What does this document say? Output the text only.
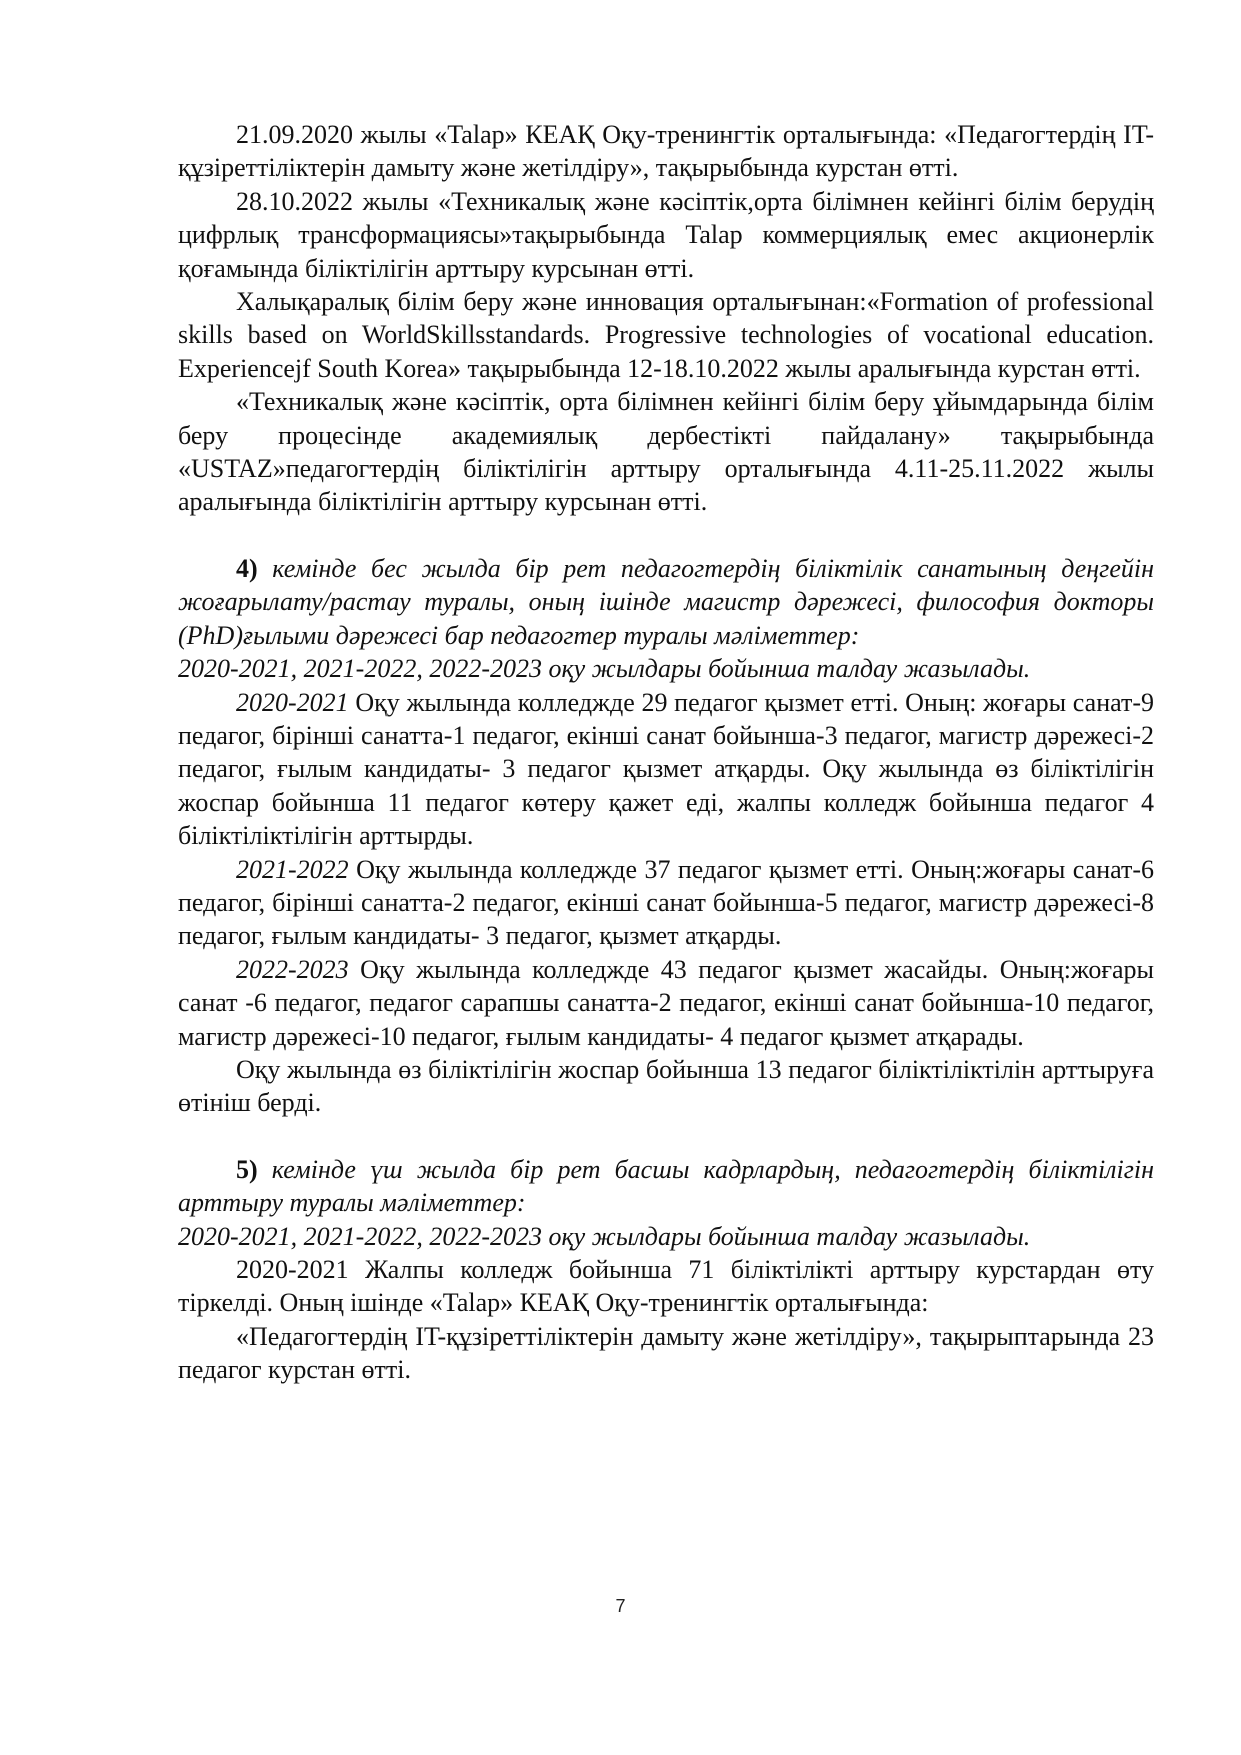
21.09.2020 жылы «Talap» КЕАҚ Оқу-тренингтік орталығында: «Педагогтердің IT-құзіреттіліктерін дамыту және жетілдіру», тақырыбында курстан өтті.

28.10.2022 жылы «Техникалық және кәсіптік,орта білімнен кейінгі білім берудің цифрлық трансформациясы»тақырыбында Talap коммерциялық емес акционерлік қоғамында біліктілігін арттыру курсынан өтті.

Халықаралық білім беру және инновация орталығынан:«Formation of professional skills based on WorldSkillsstandards. Progressive technologies of vocational education. Experiencejf South Korea» тақырыбында 12-18.10.2022 жылы аралығында курстан өтті.

«Техникалық және кәсіптік, орта білімнен кейінгі білім беру ұйымдарында білім беру процесінде академиялық дербестікті пайдалану» тақырыбында «USTAZ»педагогтердің біліктілігін арттыру орталығында 4.11-25.11.2022 жылы аралығында біліктілігін арттыру курсынан өтті.

4) кемінде бес жылда бір рет педагогтердің біліктілік санатының деңгейін жоғарылату/растау туралы, оның ішінде магистр дәрежесі, философия докторы (PhD)ғылыми дәрежесі бар педагогтер туралы мәліметтер:

2020-2021, 2021-2022, 2022-2023 оқу жылдары бойынша талдау жазылады.

2020-2021 Оқу жылында колледжде 29 педагог қызмет етті. Оның: жоғары санат-9 педагог, бірінші санатта-1 педагог, екінші санат бойынша-3 педагог, магистр дәрежесі-2 педагог, ғылым кандидаты- 3 педагог қызмет атқарды. Оқу жылында өз біліктілігін жоспар бойынша 11 педагог көтеру қажет еді, жалпы колледж бойынша педагог 4 біліктіліктілігін арттырды.

2021-2022 Оқу жылында колледжде 37 педагог қызмет етті. Оның:жоғары санат-6 педагог, бірінші санатта-2 педагог, екінші санат бойынша-5 педагог, магистр дәрежесі-8 педагог, ғылым кандидаты- 3 педагог, қызмет атқарды.

2022-2023 Оқу жылында колледжде 43 педагог қызмет жасайды. Оның:жоғары санат -6 педагог, педагог сарапшы санатта-2 педагог, екінші санат бойынша-10 педагог, магистр дәрежесі-10 педагог, ғылым кандидаты- 4 педагог қызмет атқарады.

Оқу жылында өз біліктілігін жоспар бойынша 13 педагог біліктіліктілін арттыруға өтініш берді.

5) кемінде үш жылда бір рет басшы кадрлардың, педагогтердің біліктілігін арттыру туралы мәліметтер:

2020-2021, 2021-2022, 2022-2023 оқу жылдары бойынша талдау жазылады.

2020-2021 Жалпы колледж бойынша 71 біліктілікті арттыру курстардан өту тіркелді. Оның ішінде «Talap» КЕАҚ Оқу-тренингтік орталығында:

«Педагогтердің IT-құзіреттіліктерін дамыту және жетілдіру», тақырыптарында 23 педагог курстан өтті.

7
